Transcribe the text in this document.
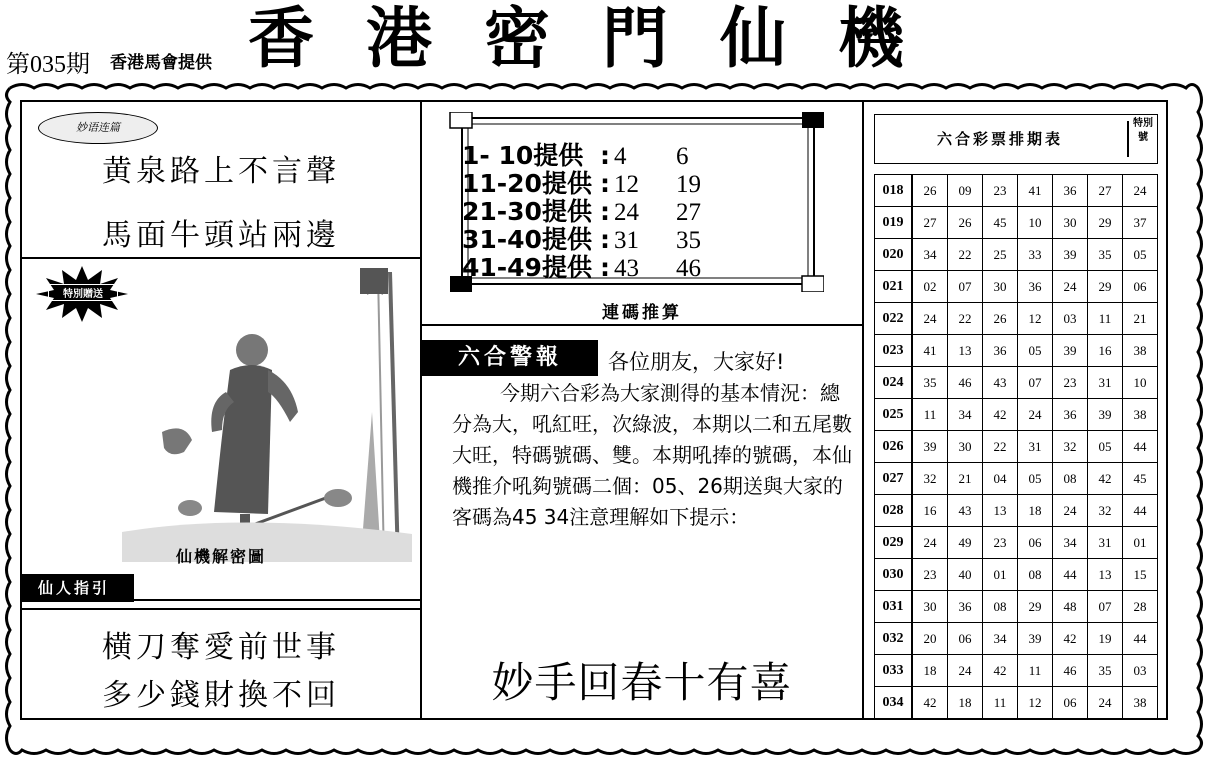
第035期 香港馬會提供 香港密門仙機
妙语连篇
黄泉路上不言聲
馬面牛頭站兩邊
特別贈送
仙機解密圖
仙人指引
横刀奪愛前世事
多少錢財換不回
1- 10提供 : 4 6
11-20提供 : 12 19
21-30提供 : 24 27
31-40提供 : 31 35
41-49提供 : 43 46
連碼推算
六合警報	各位朋友，大家好!
今期六合彩為大家測得的基本情況：總分為大，吼紅旺，次綠波，本期以二和五尾數大旺，特碼號碼、雙。本期吼捧的號碼，本仙機推介吼夠號碼二個：05、26期送與大家的客碼為45 34注意理解如下提示：
妙手回春十有喜
六合彩票排期表
特別號
018	26	09	23	41	36	27	24
019	27	26	45	10	30	29	37
020	34	22	25	33	39	35	05
021	02	07	30	36	24	29	06
022	24	22	26	12	03	11	21
023	41	13	36	05	39	16	38
024	35	46	43	07	23	31	10
025	11	34	42	24	36	39	38
026	39	30	22	31	32	05	44
027	32	21	04	05	08	42	45
028	16	43	13	18	24	32	44
029	24	49	23	06	34	31	01
030	23	40	01	08	44	13	15
031	30	36	08	29	48	07	28
032	20	06	34	39	42	19	44
033	18	24	42	11	46	35	03
034	42	18	11	12	06	24	38
